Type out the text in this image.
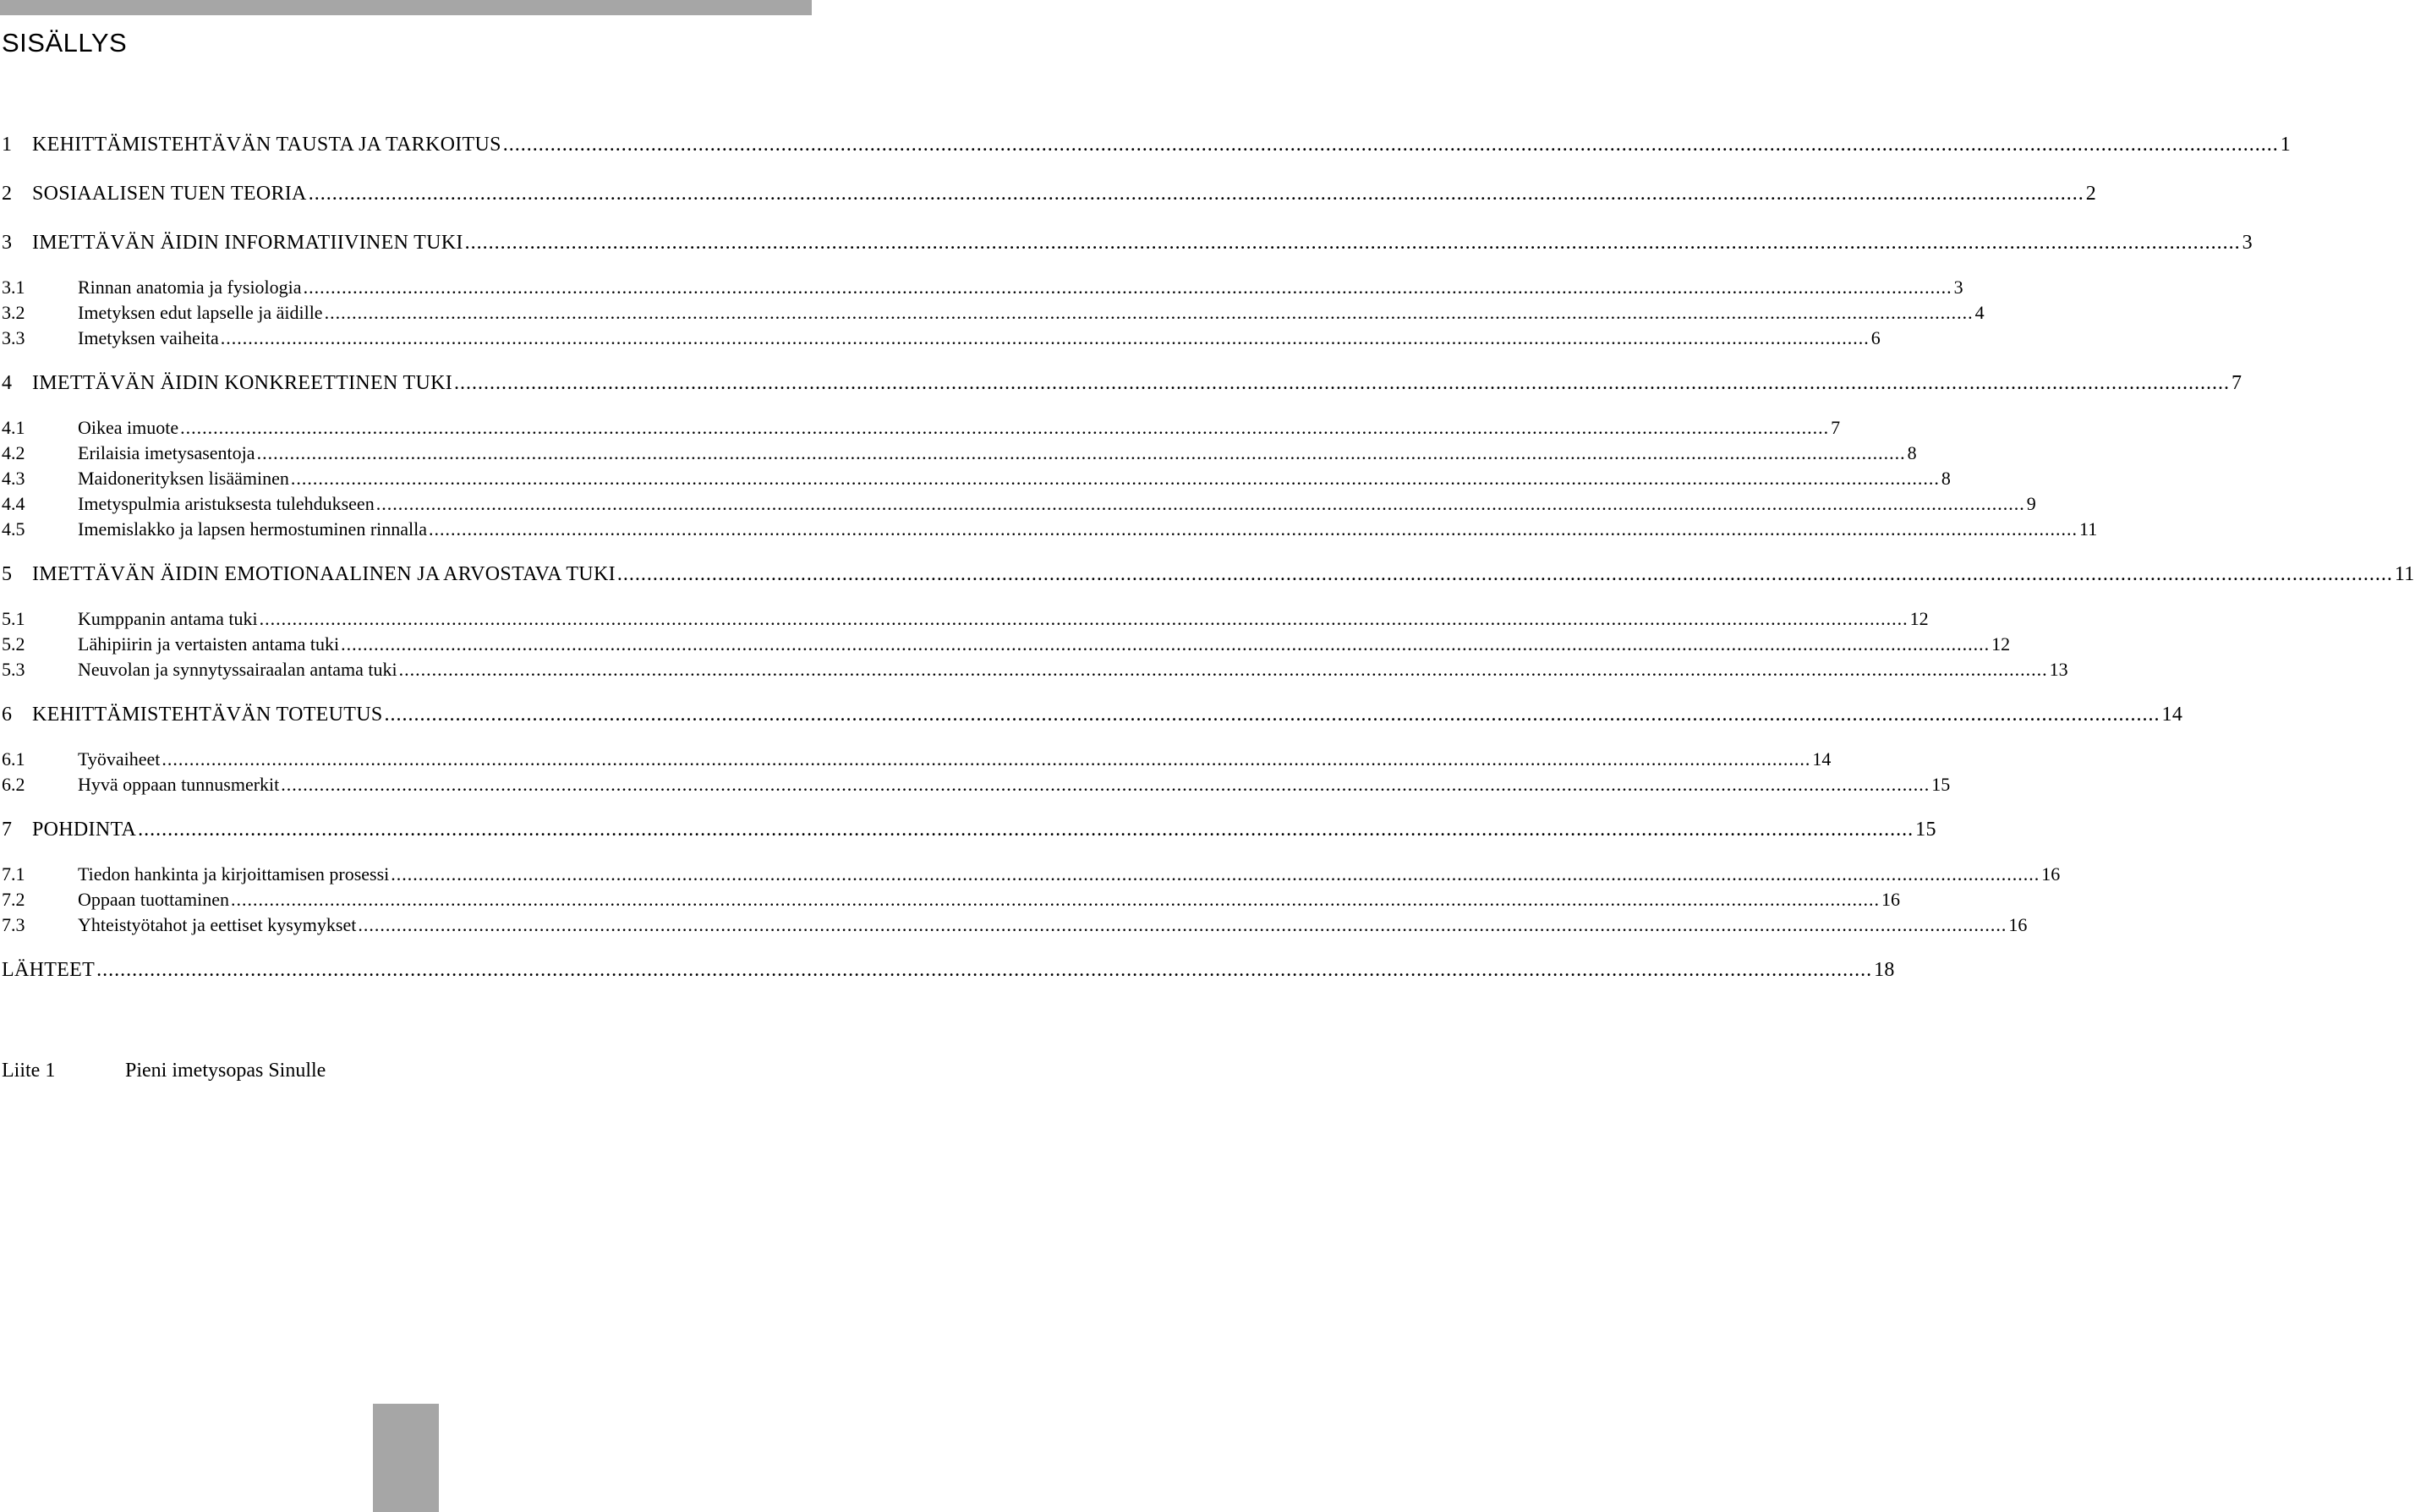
SISÄLLYS
1 KEHITTÄMISTEHTÄVÄN TAUSTA JA TARKOITUS ............................................................................................................................................................................................................................................................................................................ 1
2 SOSIAALISEN TUEN TEORIA ............................................................................................................................................................................................................................................................................................................ 2
3 IMETTÄVÄN ÄIDIN INFORMATIIVINEN TUKI ............................................................................................................................................................................................................................................................................................................ 3
3.1	Rinnan anatomia ja fysiologia ............................................................................................................................................................................................................................................................................................................ 3
3.2	Imetyksen edut lapselle ja äidille ............................................................................................................................................................................................................................................................................................................ 4
3.3	Imetyksen vaiheita ............................................................................................................................................................................................................................................................................................................ 6
4 IMETTÄVÄN ÄIDIN KONKREETTINEN TUKI ............................................................................................................................................................................................................................................................................................................ 7
4.1	Oikea imuote ............................................................................................................................................................................................................................................................................................................ 7
4.2	Erilaisia imetysasentoja ............................................................................................................................................................................................................................................................................................................ 8
4.3	Maidonerityksen lisääminen ............................................................................................................................................................................................................................................................................................................ 8
4.4	Imetyspulmia aristuksesta tulehdukseen ............................................................................................................................................................................................................................................................................................................ 9
4.5	Imemislakko ja lapsen hermostuminen rinnalla ............................................................................................................................................................................................................................................................................................................ 11
5 IMETTÄVÄN ÄIDIN EMOTIONAALINEN JA ARVOSTAVA TUKI ............................................................................................................................................................................................................................................................................................................ 11
5.1	Kumppanin antama tuki ............................................................................................................................................................................................................................................................................................................ 12
5.2	Lähipiirin ja vertaisten antama tuki ............................................................................................................................................................................................................................................................................................................ 12
5.3	Neuvolan ja synnytyssairaalan antama tuki ............................................................................................................................................................................................................................................................................................................ 13
6 KEHITTÄMISTEHTÄVÄN TOTEUTUS ............................................................................................................................................................................................................................................................................................................ 14
6.1	Työvaiheet ............................................................................................................................................................................................................................................................................................................ 14
6.2	Hyvä oppaan tunnusmerkit ............................................................................................................................................................................................................................................................................................................ 15
7 POHDINTA ............................................................................................................................................................................................................................................................................................................ 15
7.1	Tiedon hankinta ja kirjoittamisen prosessi ............................................................................................................................................................................................................................................................................................................ 16
7.2	Oppaan tuottaminen ............................................................................................................................................................................................................................................................................................................ 16
7.3	Yhteistyötahot ja eettiset kysymykset ............................................................................................................................................................................................................................................................................................................ 16
LÄHTEET ............................................................................................................................................................................................................................................................................................................ 18
Liite 1	Pieni imetysopas Sinulle
